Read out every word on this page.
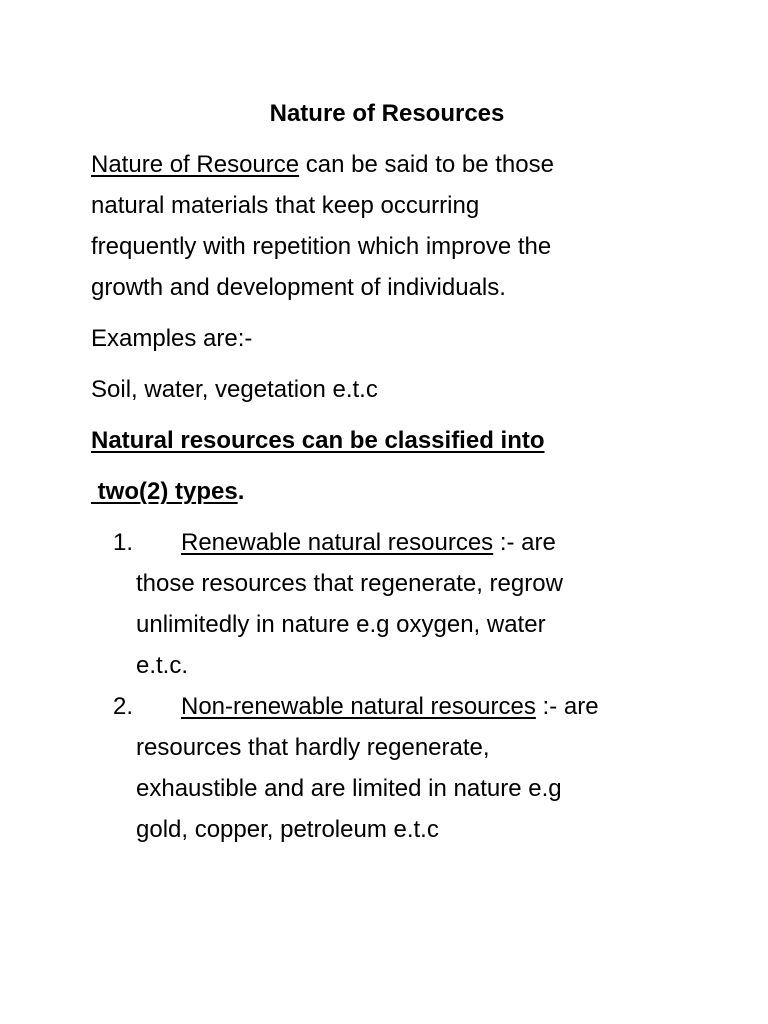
Nature of Resources
Nature of Resource can be said to be those
natural materials that keep occurring
frequently with repetition which improve the
growth and development of individuals.
Examples are:-
Soil, water, vegetation e.t.c
Natural resources can be classified into
two(2) types.
1.	Renewable natural resources :- are
those resources that regenerate, regrow
unlimitedly in nature e.g oxygen, water
e.t.c.
2.	Non-renewable natural resources :- are
resources that hardly regenerate,
exhaustible and are limited in nature e.g
gold, copper, petroleum e.t.c
